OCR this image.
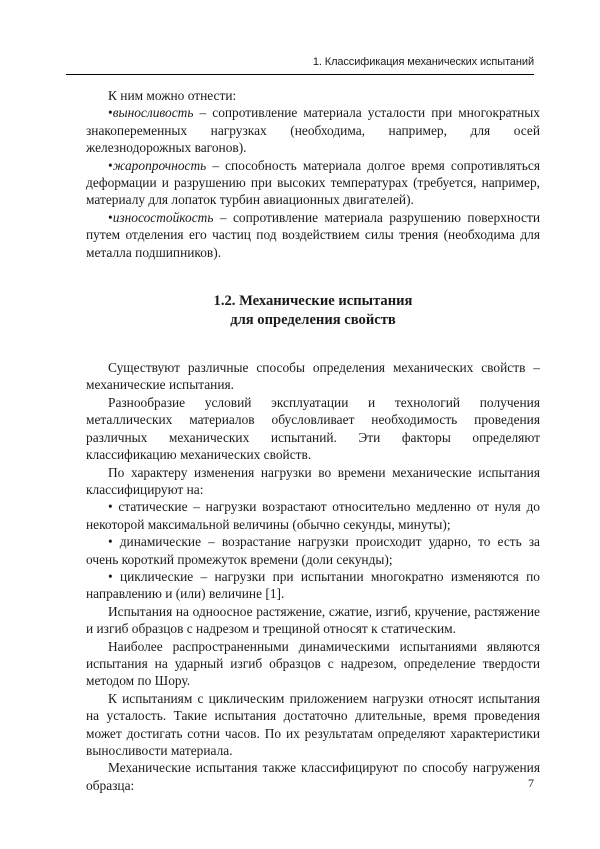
1. Классификация механических испытаний

К ним можно отнести:

•выносливость – сопротивление материала усталости при многократных знакопеременных нагрузках (необходима, например, для осей железнодорожных вагонов).

•жаропрочность – способность материала долгое время сопротивляться деформации и разрушению при высоких температурах (требуется, например, материалу для лопаток турбин авиационных двигателей).

•износостойкость – сопротивление материала разрушению поверхности путем отделения его частиц под воздействием силы трения (необходима для металла подшипников).

1.2. Механические испытания
для определения свойств

Существуют различные способы определения механических свойств – механические испытания.

Разнообразие условий эксплуатации и технологий получения металлических материалов обусловливает необходимость проведения различных механических испытаний. Эти факторы определяют классификацию механических свойств.

По характеру изменения нагрузки во времени механические испытания классифицируют на:

• статические – нагрузки возрастают относительно медленно от нуля до некоторой максимальной величины (обычно секунды, минуты);

• динамические – возрастание нагрузки происходит ударно, то есть за очень короткий промежуток времени (доли секунды);

• циклические – нагрузки при испытании многократно изменяются по направлению и (или) величине [1].

Испытания на одноосное растяжение, сжатие, изгиб, кручение, растяжение и изгиб образцов с надрезом и трещиной относят к статическим.

Наиболее распространенными динамическими испытаниями являются испытания на ударный изгиб образцов с надрезом, определение твердости методом по Шору.

К испытаниям с циклическим приложением нагрузки относят испытания на усталость. Такие испытания достаточно длительные, время проведения может достигать сотни часов. По их результатам определяют характеристики выносливости материала.

Механические испытания также классифицируют по способу нагружения образца:	7
